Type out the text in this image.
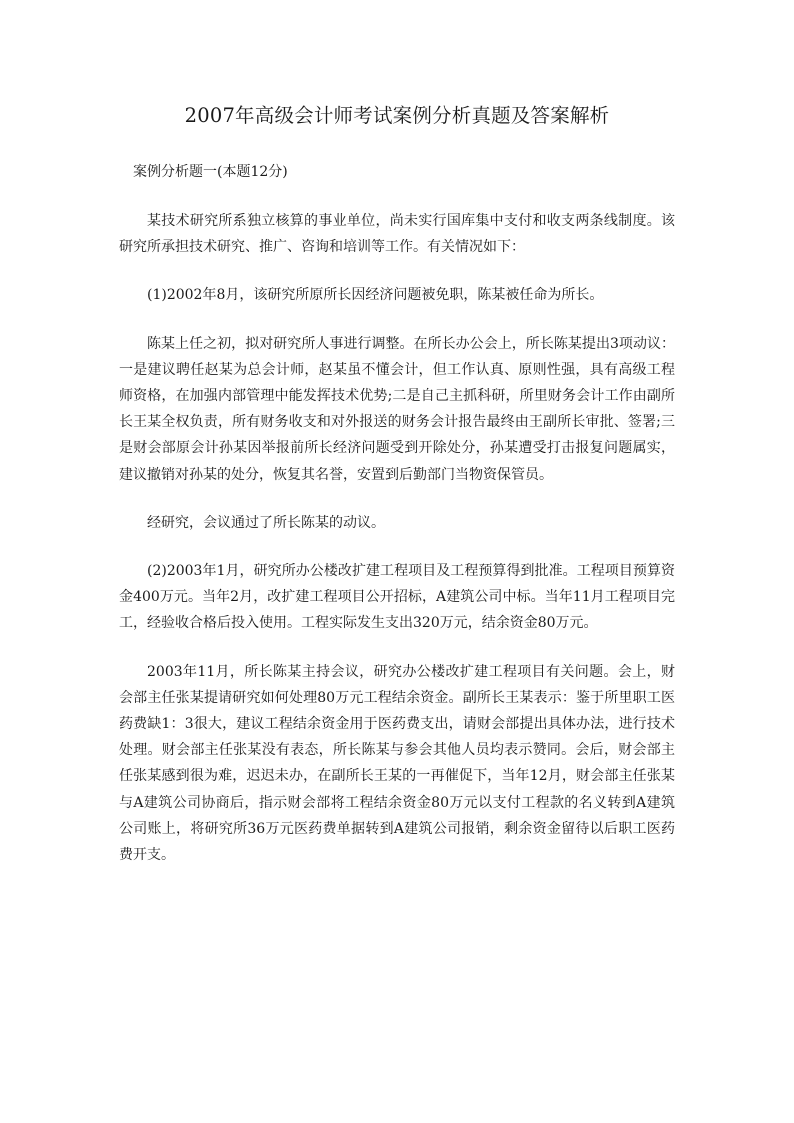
2007年高级会计师考试案例分析真题及答案解析
案例分析题一(本题12分)

某技术研究所系独立核算的事业单位，尚未实行国库集中支付和收支两条线制度。该研究所承担技术研究、推广、咨询和培训等工作。有关情况如下：

(1)2002年8月，该研究所原所长因经济问题被免职，陈某被任命为所长。

陈某上任之初，拟对研究所人事进行调整。在所长办公会上，所长陈某提出3项动议：一是建议聘任赵某为总会计师，赵某虽不懂会计，但工作认真、原则性强，具有高级工程师资格，在加强内部管理中能发挥技术优势;二是自己主抓科研，所里财务会计工作由副所长王某全权负责，所有财务收支和对外报送的财务会计报告最终由王副所长审批、签署;三是财会部原会计孙某因举报前所长经济问题受到开除处分，孙某遭受打击报复问题属实，建议撤销对孙某的处分，恢复其名誉，安置到后勤部门当物资保管员。

经研究，会议通过了所长陈某的动议。

(2)2003年1月，研究所办公楼改扩建工程项目及工程预算得到批准。工程项目预算资金400万元。当年2月，改扩建工程项目公开招标，A建筑公司中标。当年11月工程项目完工，经验收合格后投入使用。工程实际发生支出320万元，结余资金80万元。

2003年11月，所长陈某主持会议，研究办公楼改扩建工程项目有关问题。会上，财会部主任张某提请研究如何处理80万元工程结余资金。副所长王某表示：鉴于所里职工医药费缺1：3很大，建议工程结余资金用于医药费支出，请财会部提出具体办法，进行技术处理。财会部主任张某没有表态，所长陈某与参会其他人员均表示赞同。会后，财会部主任张某感到很为难，迟迟未办，在副所长王某的一再催促下，当年12月，财会部主任张某与A建筑公司协商后，指示财会部将工程结余资金80万元以支付工程款的名义转到A建筑公司账上，将研究所36万元医药费单据转到A建筑公司报销，剩余资金留待以后职工医药费开支。
